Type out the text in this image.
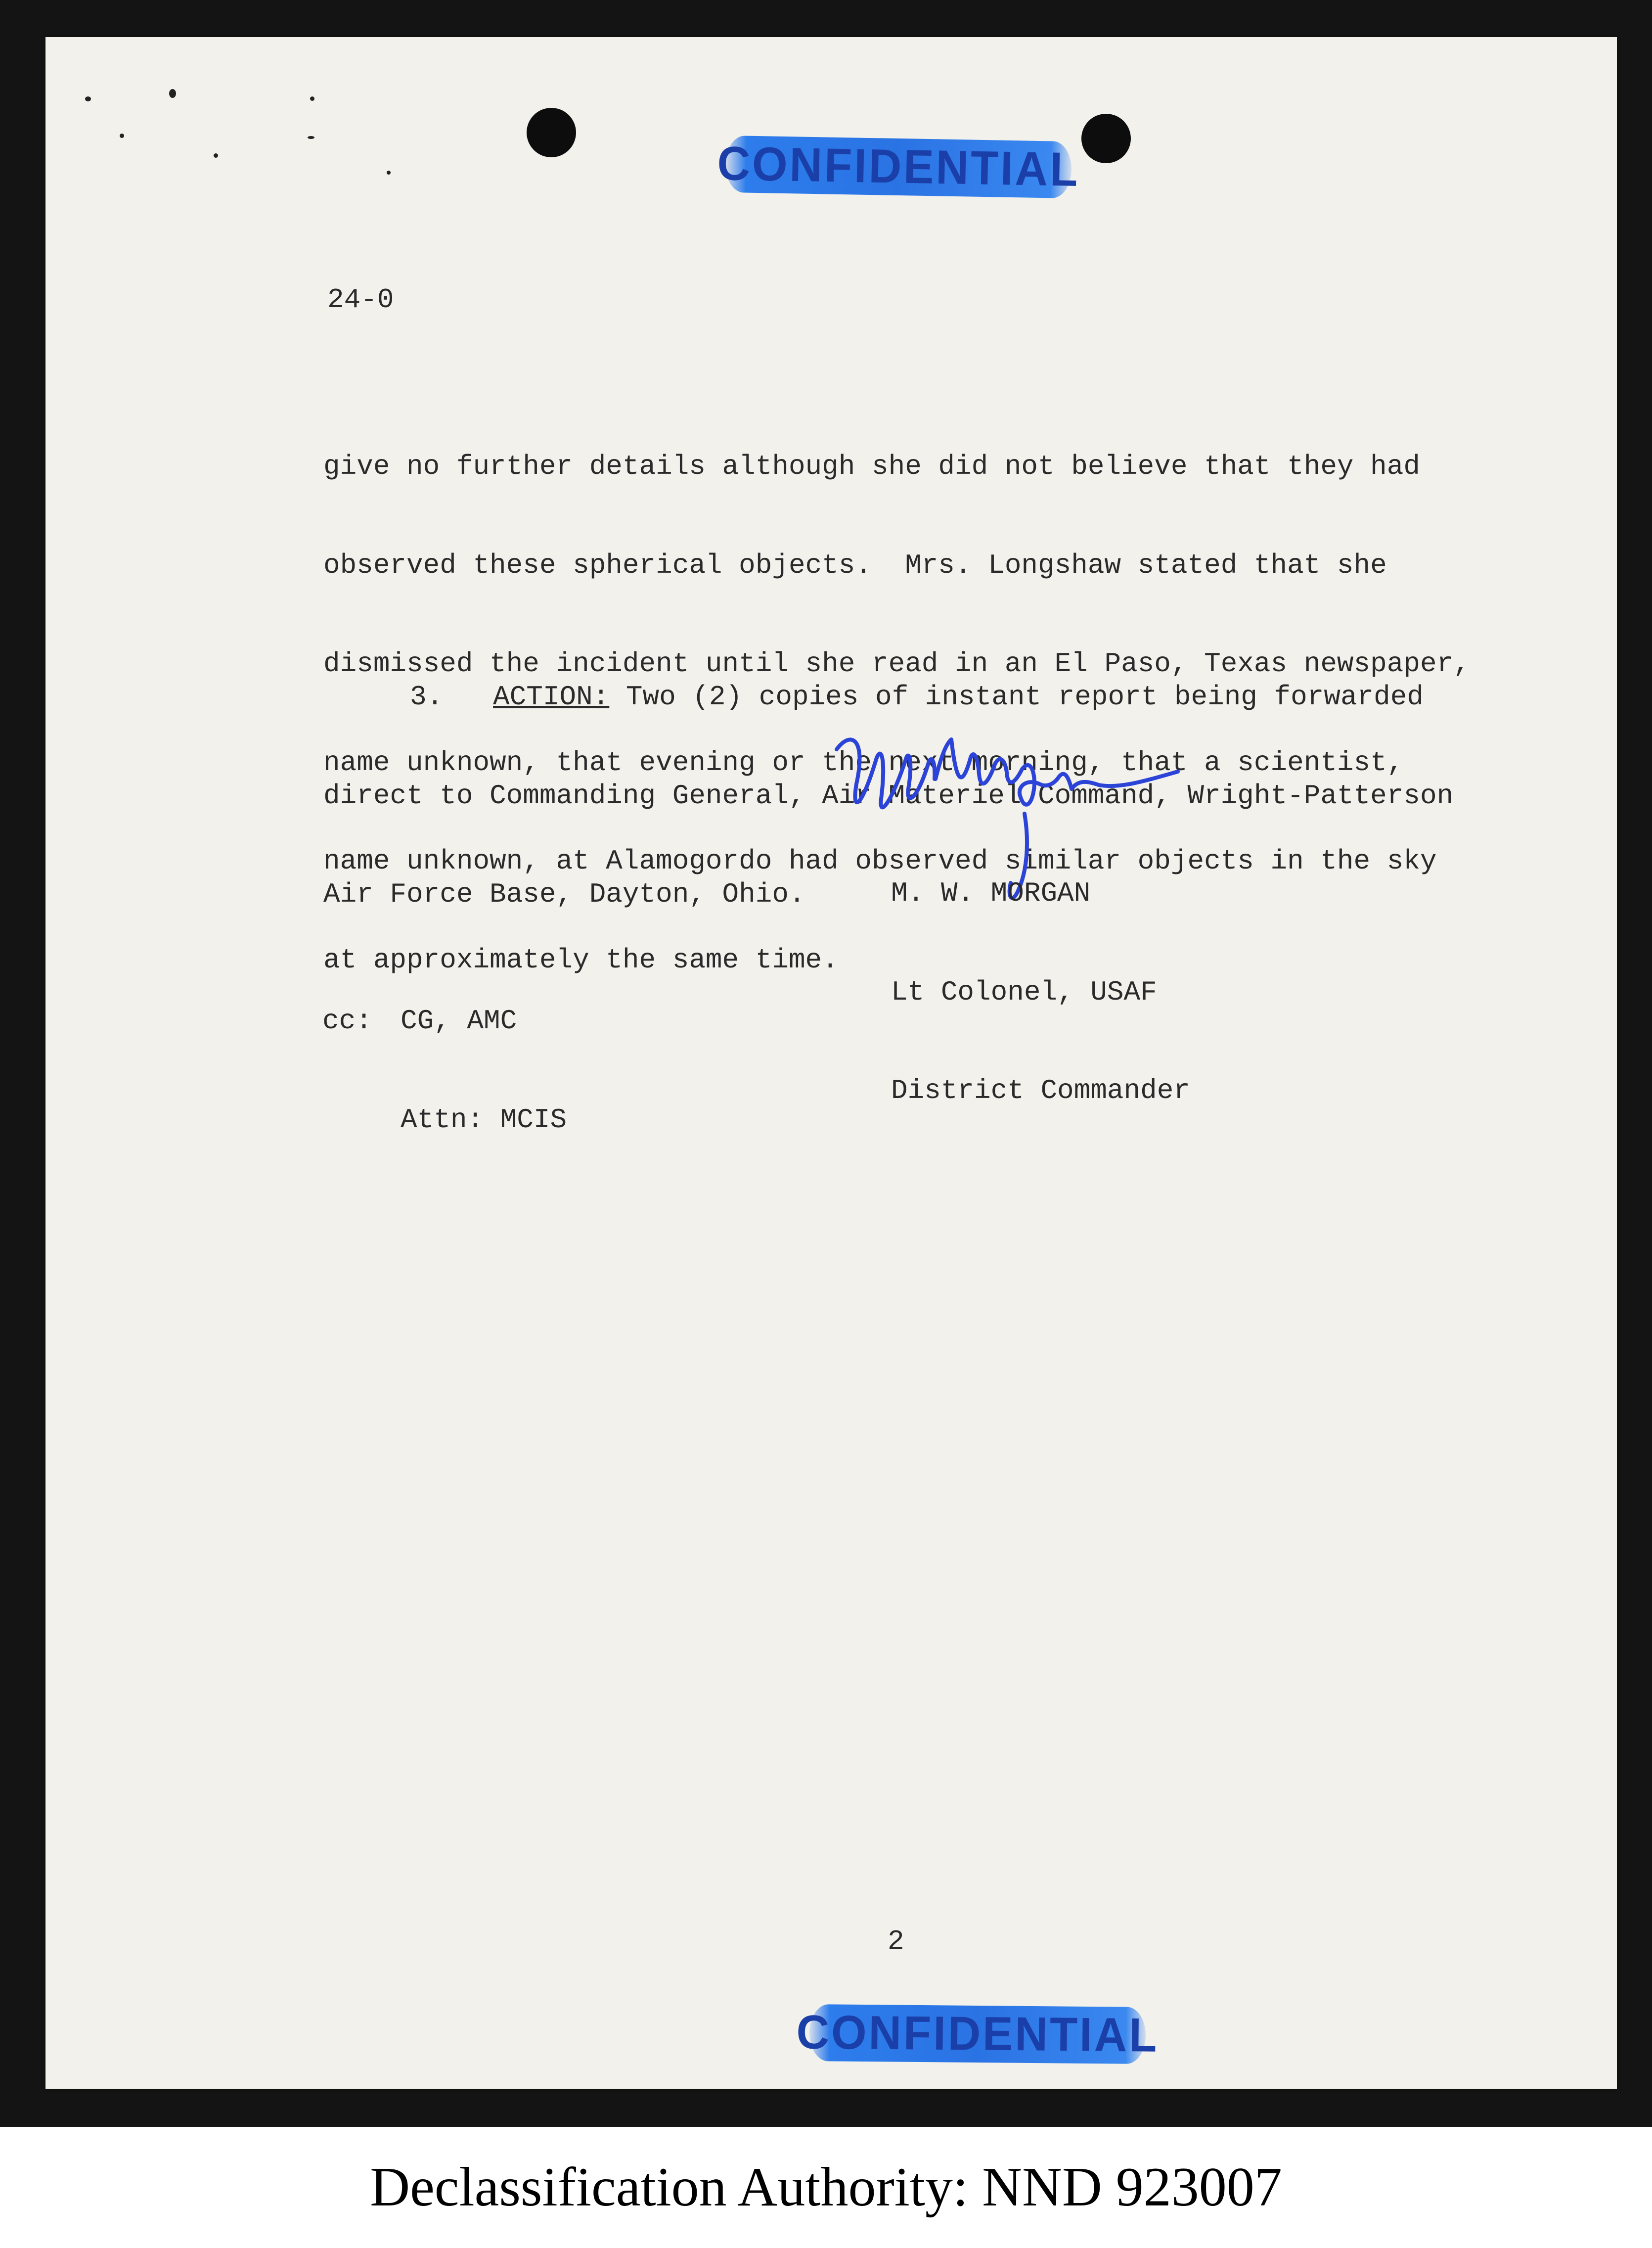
CONFIDENTIAL
24-0

give no further details although she did not believe that they had

observed these spherical objects.  Mrs. Longshaw stated that she

dismissed the incident until she read in an El Paso, Texas newspaper,

name unknown, that evening or the next morning, that a scientist,

name unknown, at Alamogordo had observed similar objects in the sky

at approximately the same time.

3. ACTION: Two (2) copies of instant report being forwarded

direct to Commanding General, Air Materiel Command, Wright-Patterson

Air Force Base, Dayton, Ohio.

	M. W. MORGAN

Lt Colonel, USAF

District Commander

cc: CG, AMC

Attn: MCIS

2
CONFIDENTIAL
Declassification Authority: NND 923007
